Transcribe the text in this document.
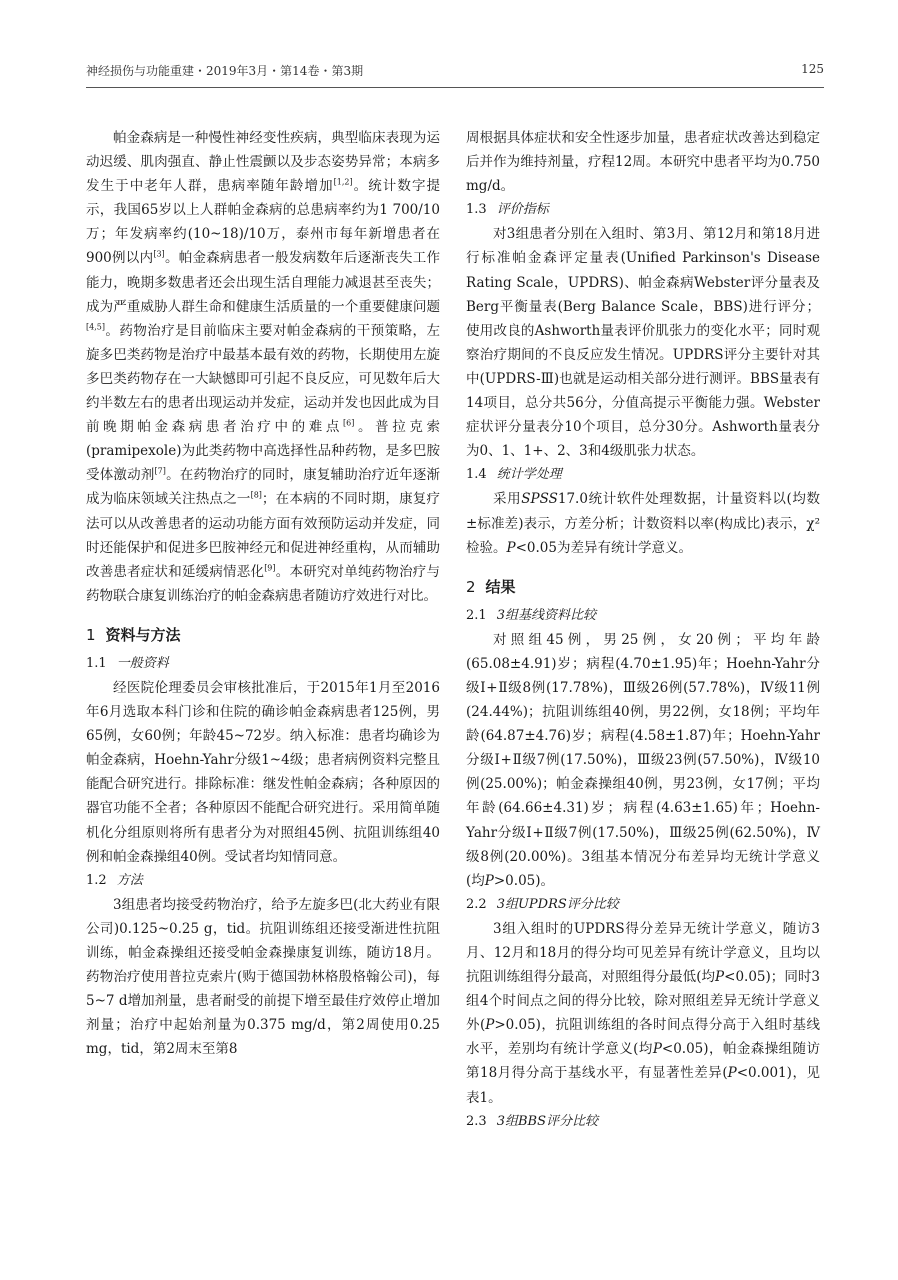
神经损伤与功能重建・2019年3月・第14卷・第3期	125

帕金森病是一种慢性神经变性疾病，典型临床表现为运动迟缓、肌肉强直、静止性震颤以及步态姿势异常；本病多发生于中老年人群，患病率随年龄增加[1,2]。统计数字提示，我国65岁以上人群帕金森病的总患病率约为1 700/10万；年发病率约(10~18)/10万，泰州市每年新增患者在900例以内[3]。帕金森病患者一般发病数年后逐渐丧失工作能力，晚期多数患者还会出现生活自理能力减退甚至丧失；成为严重威胁人群生命和健康生活质量的一个重要健康问题[4,5]。药物治疗是目前临床主要对帕金森病的干预策略，左旋多巴类药物是治疗中最基本最有效的药物，长期使用左旋多巴类药物存在一大缺憾即可引起不良反应，可见数年后大约半数左右的患者出现运动并发症，运动并发也因此成为目前晚期帕金森病患者治疗中的难点[6]。普拉克索(pramipexole)为此类药物中高选择性品种药物，是多巴胺受体激动剂[7]。在药物治疗的同时，康复辅助治疗近年逐渐成为临床领域关注热点之一[8]；在本病的不同时期，康复疗法可以从改善患者的运动功能方面有效预防运动并发症，同时还能保护和促进多巴胺神经元和促进神经重构，从而辅助改善患者症状和延缓病情恶化[9]。本研究对单纯药物治疗与药物联合康复训练治疗的帕金森病患者随访疗效进行对比。

1 资料与方法
1.1 一般资料

经医院伦理委员会审核批准后，于2015年1月至2016年6月选取本科门诊和住院的确诊帕金森病患者125例，男65例，女60例；年龄45~72岁。纳入标准：患者均确诊为帕金森病，Hoehn-Yahr分级1~4级；患者病例资料完整且能配合研究进行。排除标准：继发性帕金森病；各种原因的器官功能不全者；各种原因不能配合研究进行。采用简单随机化分组原则将所有患者分为对照组45例、抗阻训练组40例和帕金森操组40例。受试者均知情同意。

1.2 方法

3组患者均接受药物治疗，给予左旋多巴(北大药业有限公司)0.125~0.25 g，tid。抗阻训练组还接受渐进性抗阻训练，帕金森操组还接受帕金森操康复训练，随访18月。药物治疗使用普拉克索片(购于德国勃林格殷格翰公司)，每5~7 d增加剂量，患者耐受的前提下增至最佳疗效停止增加剂量；治疗中起始剂量为0.375 mg/d，第2周使用0.25 mg，tid，第2周末至第8

周根据具体症状和安全性逐步加量，患者症状改善达到稳定后并作为维持剂量，疗程12周。本研究中患者平均为0.750 mg/d。

1.3 评价指标

对3组患者分别在入组时、第3月、第12月和第18月进行标准帕金森评定量表(Unified Parkinson's Disease Rating Scale，UPDRS)、帕金森病Webster评分量表及Berg平衡量表(Berg Balance Scale，BBS)进行评分；使用改良的Ashworth量表评价肌张力的变化水平；同时观察治疗期间的不良反应发生情况。UPDRS评分主要针对其中(UPDRS-Ⅲ)也就是运动相关部分进行测评。BBS量表有14项目，总分共56分，分值高提示平衡能力强。Webster症状评分量表分10个项目，总分30分。Ashworth量表分为0、1、1+、2、3和4级肌张力状态。

1.4 统计学处理

采用SPSS17.0统计软件处理数据，计量资料以(均数±标准差)表示，方差分析；计数资料以率(构成比)表示，χ²检验。P<0.05为差异有统计学意义。

2 结果
2.1 3组基线资料比较

对照组45例，男25例，女20例；平均年龄(65.08±4.91)岁；病程(4.70±1.95)年；Hoehn-Yahr分级Ⅰ+Ⅱ级8例(17.78%)，Ⅲ级26例(57.78%)，Ⅳ级11例(24.44%)；抗阻训练组40例，男22例，女18例；平均年龄(64.87±4.76)岁；病程(4.58±1.87)年；Hoehn-Yahr分级Ⅰ+Ⅱ级7例(17.50%)，Ⅲ级23例(57.50%)，Ⅳ级10例(25.00%)；帕金森操组40例，男23例，女17例；平均年龄(64.66±4.31)岁；病程(4.63±1.65)年；Hoehn-Yahr分级Ⅰ+Ⅱ级7例(17.50%)，Ⅲ级25例(62.50%)，Ⅳ级8例(20.00%)。3组基本情况分布差异均无统计学意义(均P>0.05)。

2.2 3组UPDRS评分比较

3组入组时的UPDRS得分差异无统计学意义，随访3月、12月和18月的得分均可见差异有统计学意义，且均以抗阻训练组得分最高，对照组得分最低(均P<0.05)；同时3组4个时间点之间的得分比较，除对照组差异无统计学意义外(P>0.05)，抗阻训练组的各时间点得分高于入组时基线水平，差别均有统计学意义(均P<0.05)，帕金森操组随访第18月得分高于基线水平，有显著性差异(P<0.001)，见表1。

2.3 3组BBS评分比较
